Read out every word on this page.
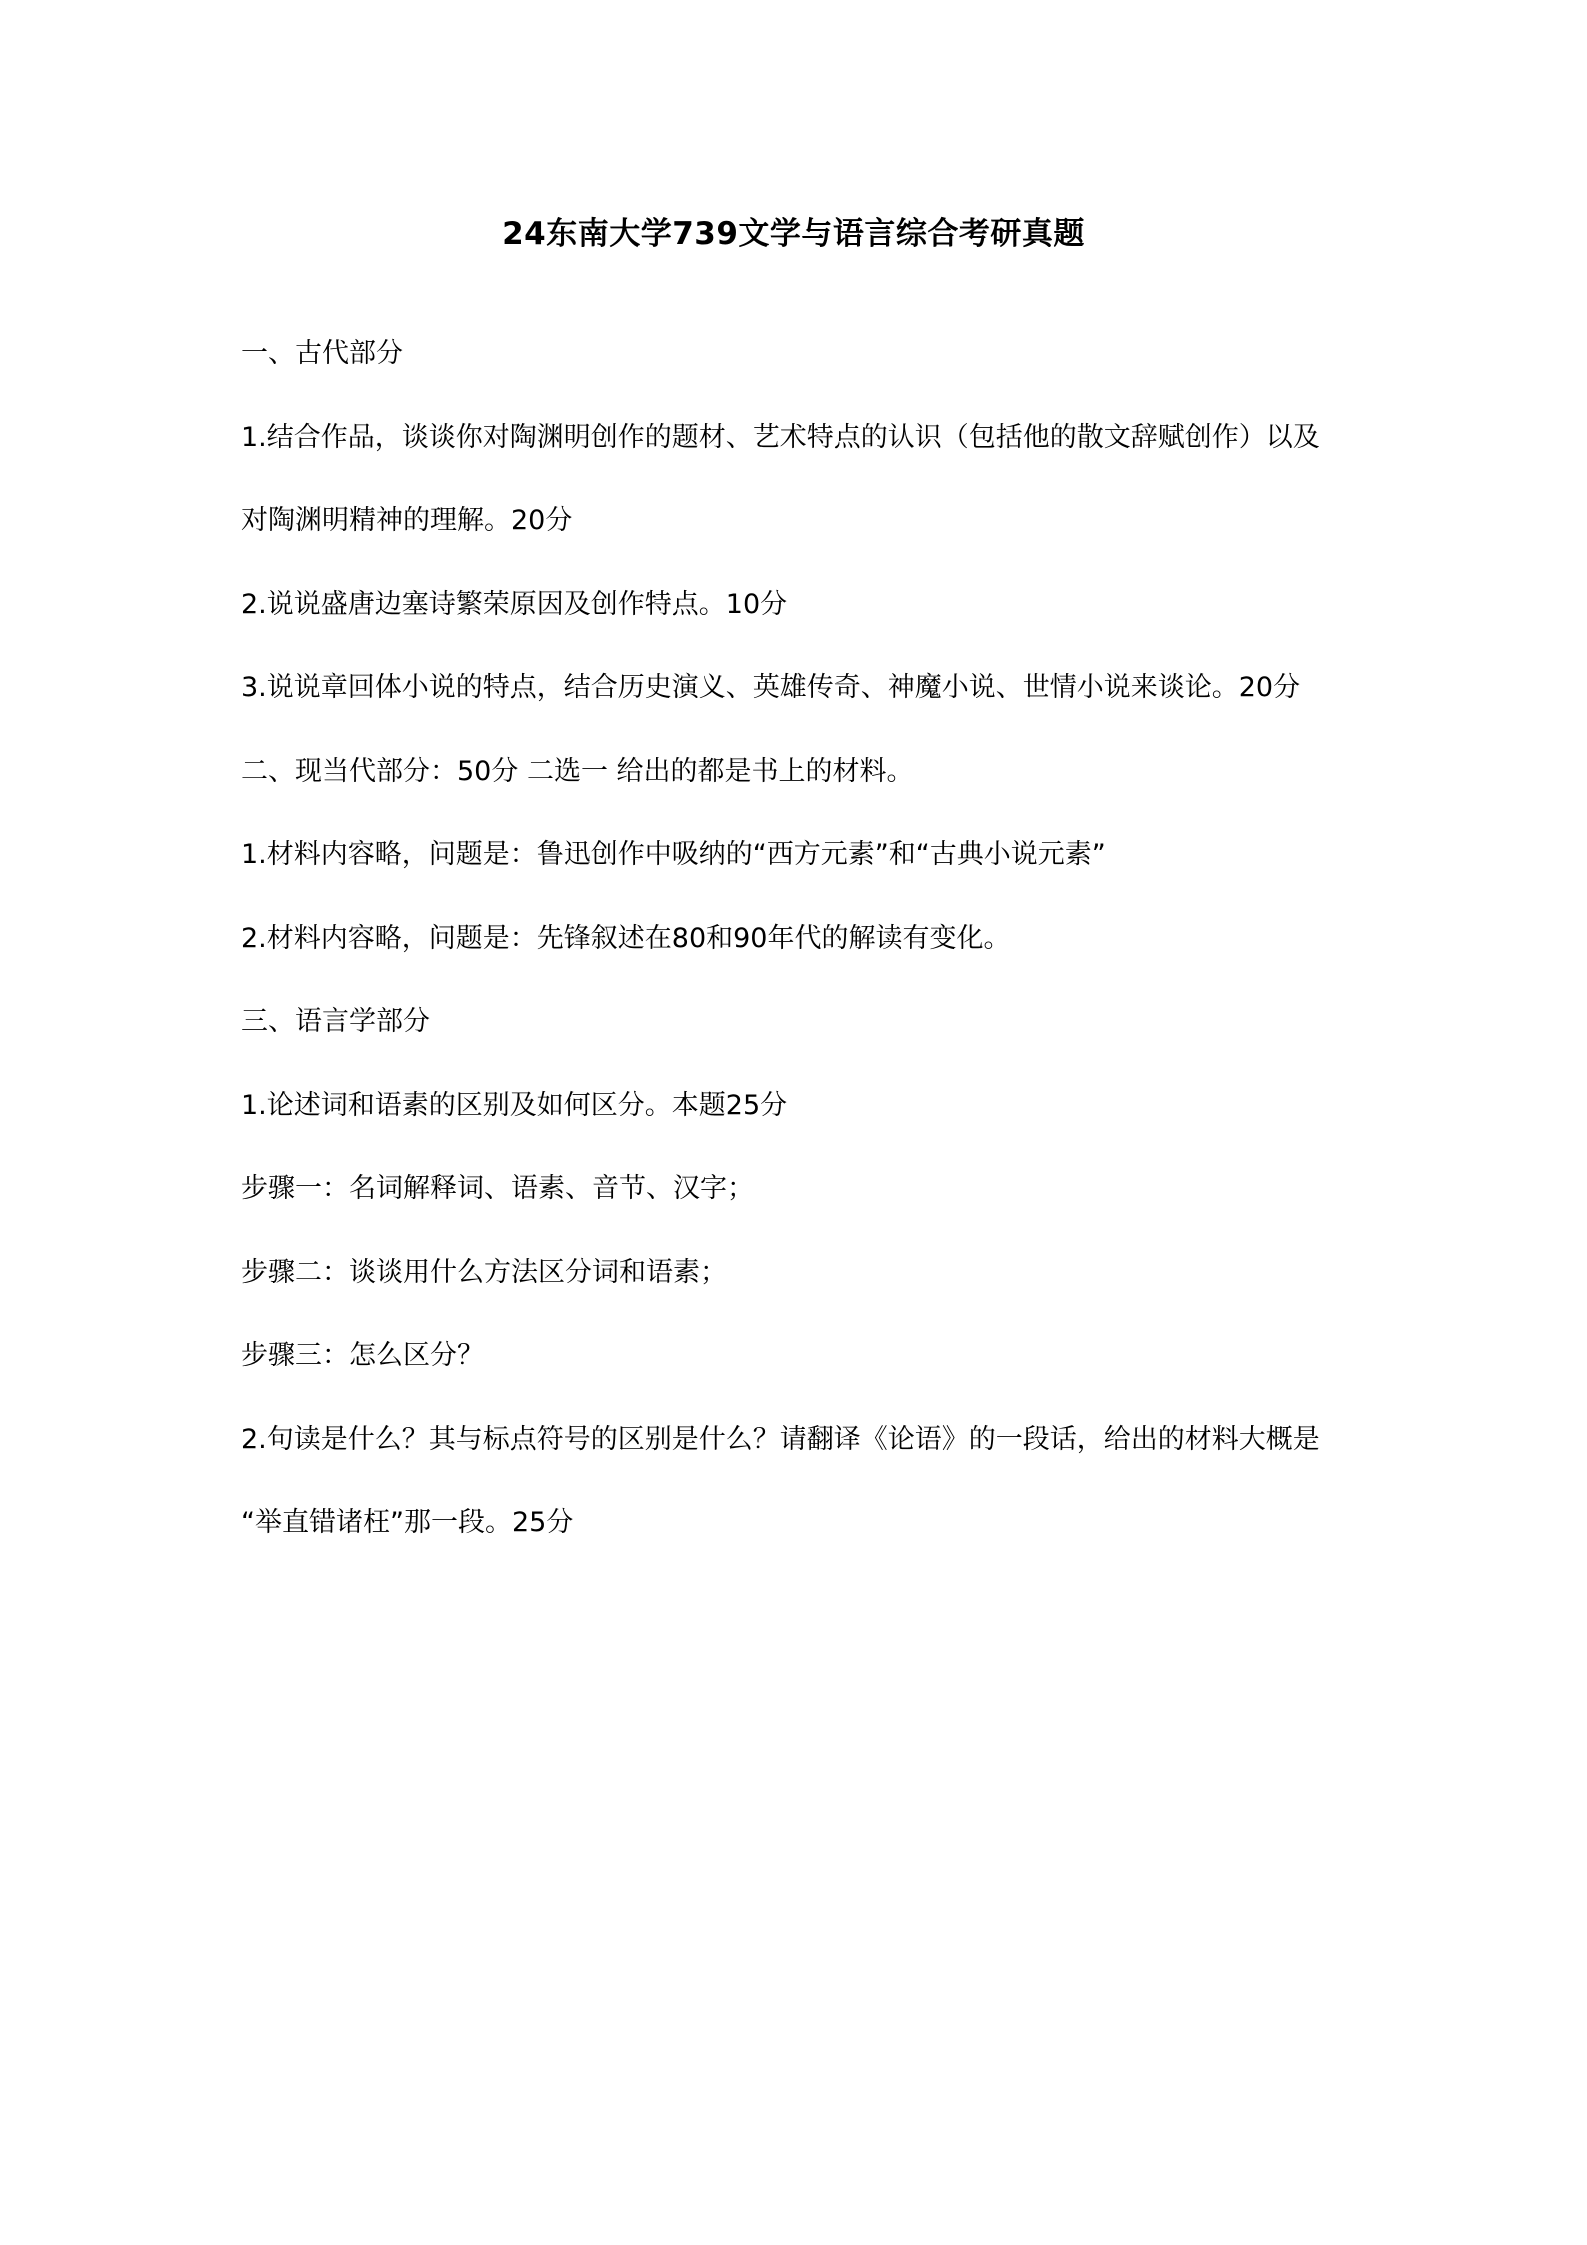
24东南大学739文学与语言综合考研真题
一、古代部分
1.结合作品，谈谈你对陶渊明创作的题材、艺术特点的认识（包括他的散文辞赋创作）以及
对陶渊明精神的理解。20分
2.说说盛唐边塞诗繁荣原因及创作特点。10分
3.说说章回体小说的特点，结合历史演义、英雄传奇、神魔小说、世情小说来谈论。20分
二、现当代部分：50分 二选一 给出的都是书上的材料。
1.材料内容略，问题是：鲁迅创作中吸纳的“西方元素”和“古典小说元素”
2.材料内容略，问题是：先锋叙述在80和90年代的解读有变化。
三、语言学部分
1.论述词和语素的区别及如何区分。本题25分
步骤一：名词解释词、语素、音节、汉字；
步骤二：谈谈用什么方法区分词和语素；
步骤三：怎么区分？
2.句读是什么？其与标点符号的区别是什么？请翻译《论语》的一段话，给出的材料大概是
“举直错诸枉”那一段。25分
